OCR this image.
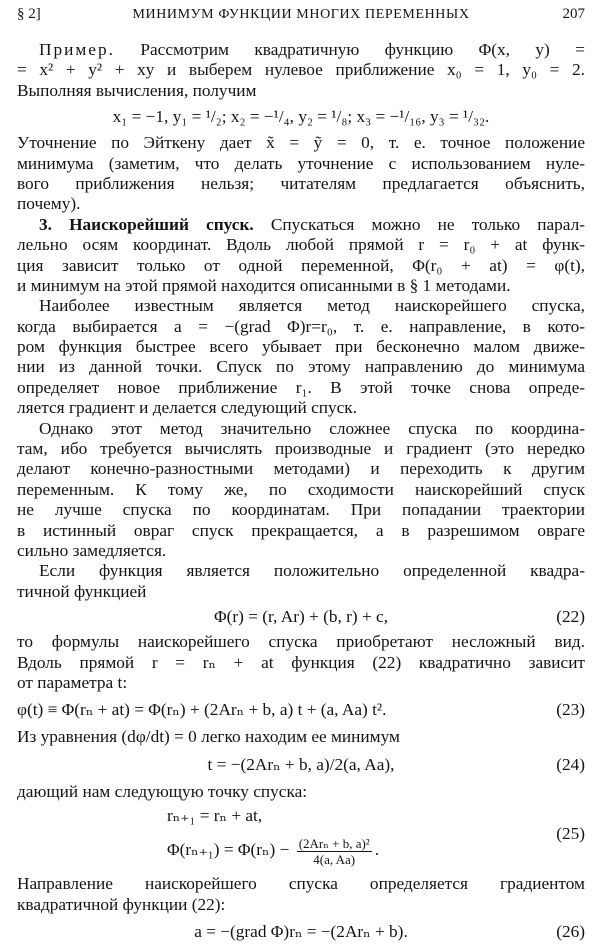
§ 2]	МИНИМУМ ФУНКЦИИ МНОГИХ ПЕРЕМЕННЫХ	207
Пример. Рассмотрим квадратичную функцию Φ(x, y) =
= x² + y² + xy и выберем нулевое приближение x₀ = 1, y₀ = 2.
Выполняя вычисления, получим
x₁ = −1, y₁ = ¹/₂; x₂ = −¹/₄, y₂ = ¹/₈; x₃ = −¹/₁₆, y₃ = ¹/₃₂.
Уточнение по Эйткену дает x̃ = ỹ = 0, т. е. точное положение
минимума (заметим, что делать уточнение с использованием нуле-
вого приближения нельзя; читателям предлагается объяснить,
почему).
3. Наискорейший спуск. Спускаться можно не только парал-
лельно осям координат. Вдоль любой прямой r = r₀ + at функ-
ция зависит только от одной переменной, Φ(r₀ + at) = φ(t),
и минимум на этой прямой находится описанными в § 1 методами.
Наиболее известным является метод наискорейшего спуска,
когда выбирается a = −(grad Φ)r=r₀, т. е. направление, в кото-
ром функция быстрее всего убывает при бесконечно малом движе-
нии из данной точки. Спуск по этому направлению до минимума
определяет новое приближение r₁. В этой точке снова опреде-
ляется градиент и делается следующий спуск.
Однако этот метод значительно сложнее спуска по координа-
там, ибо требуется вычислять производные и градиент (это нередко
делают конечно-разностными методами) и переходить к другим
переменным. К тому же, по сходимости наискорейший спуск
не лучше спуска по координатам. При попадании траектории
в истинный овраг спуск прекращается, а в разрешимом овраге
сильно замедляется.
Если функция является положительно определенной квадра-
тичной функцией
Φ(r) = (r, Ar) + (b, r) + c,	(22)
то формулы наискорейшего спуска приобретают несложный вид.
Вдоль прямой r = rₙ + at функция (22) квадратично зависит
от параметра t:
φ(t) ≡ Φ(rₙ + at) = Φ(rₙ) + (2Arₙ + b, a) t + (a, Aa) t².	(23)
Из уравнения (dφ/dt) = 0 легко находим ее минимум
t = −(2Arₙ + b, a)/2(a, Aa),	(24)
дающий нам следующую точку спуска:
rₙ₊₁ = rₙ + at,
$\Phi(r_{n+1}) = \Phi(r_n) - \frac{\text{(2Arₙ + b, a)²}}{4(a, Aa)}$ .
(25)
Направление наискорейшего спуска определяется градиентом
квадратичной функции (22):
a = −(grad Φ)rₙ = −(2Arₙ + b).	(26)
